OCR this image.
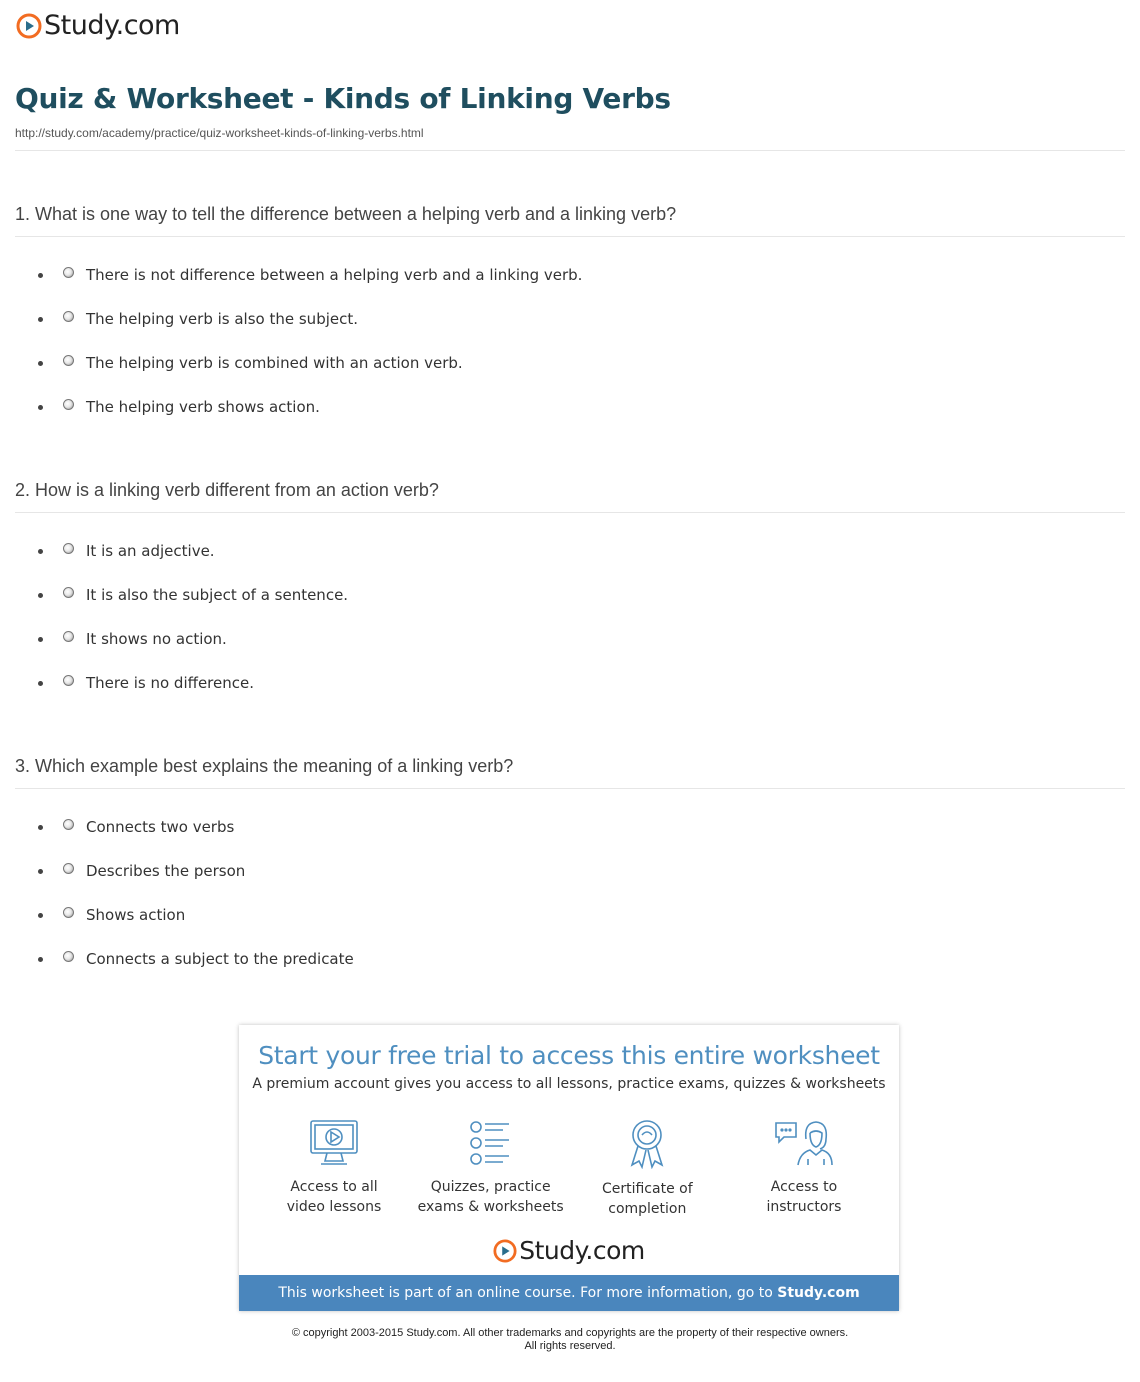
Study.com
Quiz & Worksheet - Kinds of Linking Verbs
http://study.com/academy/practice/quiz-worksheet-kinds-of-linking-verbs.html

1. What is one way to tell the difference between a helping verb and a linking verb?

There is not difference between a helping verb and a linking verb.
The helping verb is also the subject.
The helping verb is combined with an action verb.
The helping verb shows action.

2. How is a linking verb different from an action verb?

It is an adjective.
It is also the subject of a sentence.
It shows no action.
There is no difference.

3. Which example best explains the meaning of a linking verb?

Connects two verbs
Describes the person
Shows action
Connects a subject to the predicate
Start your free trial to access this entire worksheet
A premium account gives you access to all lessons, practice exams, quizzes & worksheets
Access to all
video lessons
Quizzes, practice
exams & worksheets
Certificate of
completion
Access to
instructors
Study.com
This worksheet is part of an online course. For more information, go to Study.com
© copyright 2003-2015 Study.com. All other trademarks and copyrights are the property of their respective owners.
All rights reserved.
